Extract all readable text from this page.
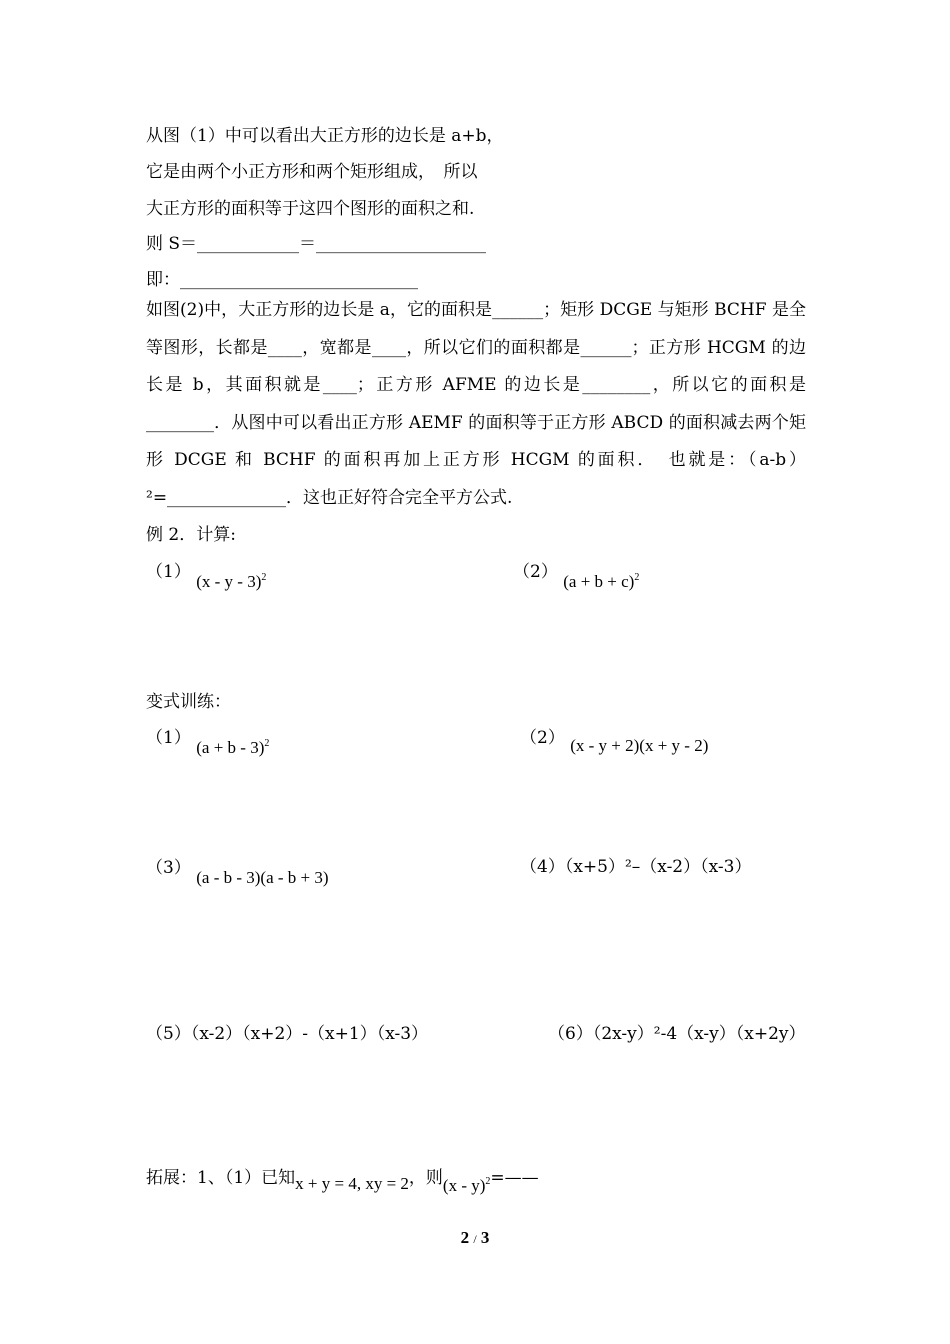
从图（1）中可以看出大正方形的边长是 a+b，
它是由两个小正方形和两个矩形组成，　所以
大正方形的面积等于这四个图形的面积之和.
则 S＝____________＝____________________
即：____________________________
如图(2)中，大正方形的边长是 a，它的面积是______；矩形 DCGE 与矩形 BCHF 是全等图形，长都是____，宽都是____，所以它们的面积都是______；正方形 HCGM 的边长是 b，其面积就是____；正方形 AFME 的边长是________，所以它的面积是________．从图中可以看出正方形 AEMF 的面积等于正方形 ABCD 的面积减去两个矩形 DCGE 和 BCHF 的面积再加上正方形 HCGM 的面积．　也就是：（a-b）²=______________．这也正好符合完全平方公式.
例 2．计算:
（1） (x - y - 3)$^2$	（2） $(a + b + c)^2$
变式训练：
（1） $(a + b - 3)^2$	（2） (x - y + 2)(x + y - 2)
（3） (a - b - 3)(a - b + 3)
（4）（x+5）²–（x-2）（x-3）
（5）（x-2）（x+2）-（x+1）（x-3）	（6）（2x-y）²-4（x-y）（x+2y）
拓展：1、（1）已知x + y = 4, xy = 2，则(x - y)$^2$=——
2 / 3
